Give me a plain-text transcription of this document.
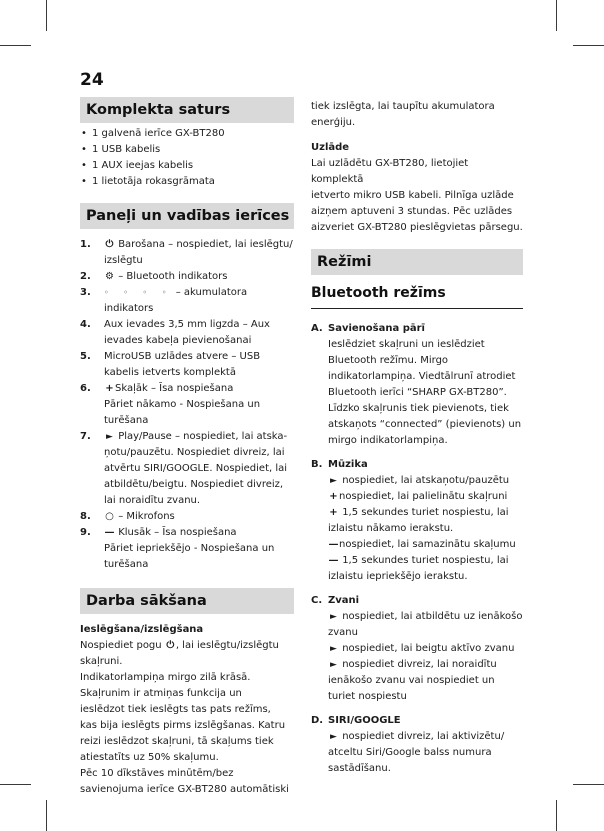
24
Komplekta saturs
• 1 galvenā ierīce GX-BT280
• 1 USB kabelis
• 1 AUX ieejas kabelis
• 1 lietotāja rokasgrāmata
Paneļi un vadības ierīces
1.	⏻ Barošana – nospiediet, lai ieslēgtu/
izslēgtu
2.	⚙ – Bluetooth indikators
3.	◦ ◦ ◦ ◦ – akumulatora indikators
4.	Aux ievades 3,5 mm ligzda – Aux
ievades kabeļa pievienošanai
5.	MicroUSB uzlādes atvere – USB
kabelis ietverts komplektā
6.	+Skaļāk – Īsa nospiešana
Pāriet nākamo - Nospiešana un
turēšana
7.	► Play/Pause – nospiediet, lai atska-
ņotu/pauzētu. Nospiediet divreiz, lai
atvērtu SIRI/GOOGLE. Nospiediet, lai
atbildētu/beigtu. Nospiediet divreiz,
lai noraidītu zvanu.
8.	○ – Mikrofons
9.	— Klusāk – Īsa nospiešana
Pāriet iepriekšējo - Nospiešana un
turēšana
Darba sākšana
Ieslēgšana/izslēgšana
Nospiediet pogu ⏻ , lai ieslēgtu/izslēgtu
skaļruni.
Indikatorlampiņa mirgo zilā krāsā.
Skaļrunim ir atmiņas funkcija un
ieslēdzot tiek ieslēgts tas pats režīms,
kas bija ieslēgts pirms izslēgšanas. Katru
reizi ieslēdzot skaļruni, tā skaļums tiek
atiestatīts uz 50% skaļumu.
Pēc 10 dīkstāves minūtēm/bez
savienojuma ierīce GX-BT280 automātiski
tiek izslēgta, lai taupītu akumulatora
enerģiju.
Uzlāde
Lai uzlādētu GX-BT280, lietojiet komplektā
ietverto mikro USB kabeli. Pilnīga uzlāde
aizņem aptuveni 3 stundas. Pēc uzlādes
aizveriet GX-BT280 pieslēgvietas pārsegu.
Režīmi
Bluetooth režīms
A. Savienošana pārī
Ieslēdziet skaļruni un ieslēdziet
Bluetooth režīmu. Mirgo
indikatorlampiņa. Viedtālrunī atrodiet
Bluetooth ierīci “SHARP GX-BT280”.
Līdzko skaļrunis tiek pievienots, tiek
atskaņots “connected” (pievienots) un
mirgo indikatorlampiņa.
B. Mūzika
► nospiediet, lai atskaņotu/pauzētu
+nospiediet, lai palielinātu skaļruni
+ 1,5 sekundes turiet nospiestu, lai
izlaistu nākamo ierakstu.
—nospiediet, lai samazinātu skaļumu
— 1,5 sekundes turiet nospiestu, lai
izlaistu iepriekšējo ierakstu.
C. Zvani
► nospiediet, lai atbildētu uz ienākošo
zvanu
► nospiediet, lai beigtu aktīvo zvanu
► nospiediet divreiz, lai noraidītu
ienākošo zvanu vai nospiediet un
turiet nospiestu
D. SIRI/GOOGLE
► nospiediet divreiz, lai aktivizētu/
atceltu Siri/Google balss numura
sastādīšanu.
